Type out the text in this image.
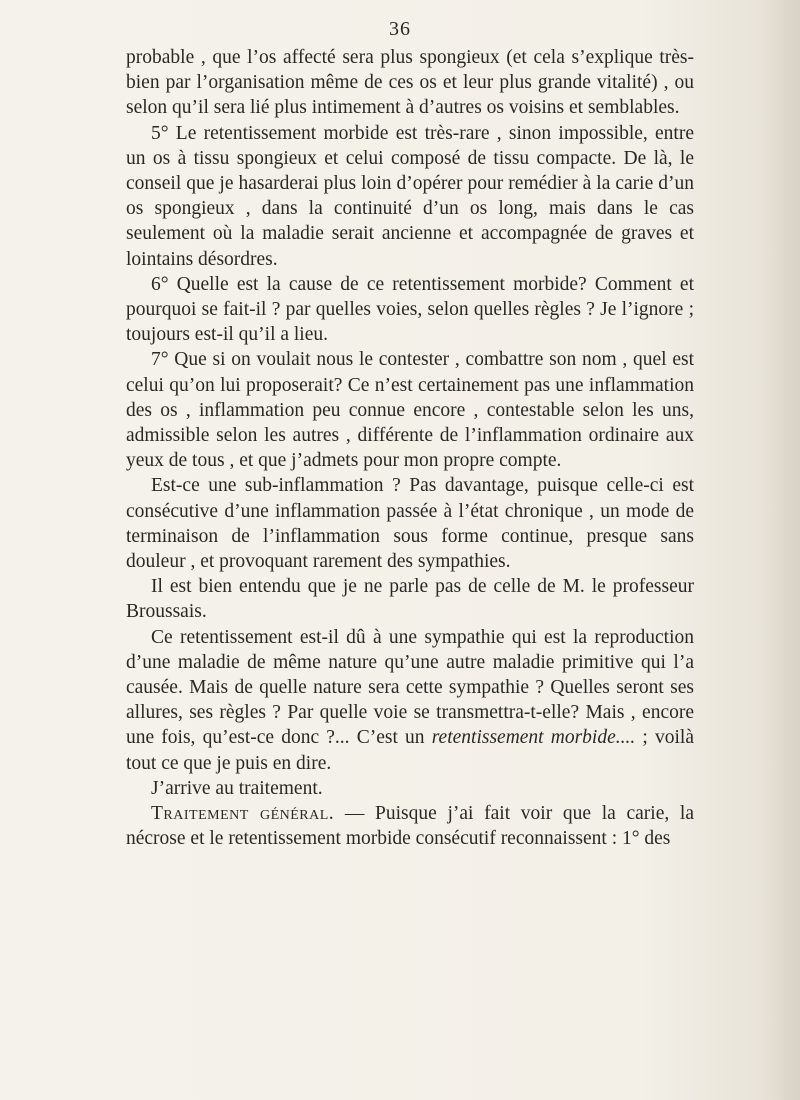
36

probable , que l’os affecté sera plus spongieux (et cela s’explique très-bien par l’organisation même de ces os et leur plus grande vitalité) , ou selon qu’il sera lié plus intimement à d’autres os voisins et semblables.

5° Le retentissement morbide est très-rare , sinon impossible, entre un os à tissu spongieux et celui composé de tissu compacte. De là, le conseil que je hasarderai plus loin d’opérer pour remédier à la carie d’un os spongieux , dans la continuité d’un os long, mais dans le cas seulement où la maladie serait ancienne et accompagnée de graves et lointains désordres.

6° Quelle est la cause de ce retentissement morbide? Comment et pourquoi se fait-il ? par quelles voies, selon quelles règles ? Je l’ignore ; toujours est-il qu’il a lieu.

7° Que si on voulait nous le contester , combattre son nom , quel est celui qu’on lui proposerait? Ce n’est certainement pas une inflammation des os , inflammation peu connue encore , contestable selon les uns, admissible selon les autres , différente de l’inflammation ordinaire aux yeux de tous , et que j’admets pour mon propre compte.

Est-ce une sub-inflammation ? Pas davantage, puisque celle-ci est consécutive d’une inflammation passée à l’état chronique , un mode de terminaison de l’inflammation sous forme continue, presque sans douleur , et provoquant rarement des sympathies.

Il est bien entendu que je ne parle pas de celle de M. le professeur Broussais.

Ce retentissement est-il dû à une sympathie qui est la reproduction d’une maladie de même nature qu’une autre maladie primitive qui l’a causée. Mais de quelle nature sera cette sympathie ? Quelles seront ses allures, ses règles ? Par quelle voie se transmettra-t-elle? Mais , encore une fois, qu’est-ce donc ?... C’est un retentissement morbide.... ; voilà tout ce que je puis en dire.

J’arrive au traitement.

Traitement général. — Puisque j’ai fait voir que la carie, la nécrose et le retentissement morbide consécutif reconnaissent : 1° des
